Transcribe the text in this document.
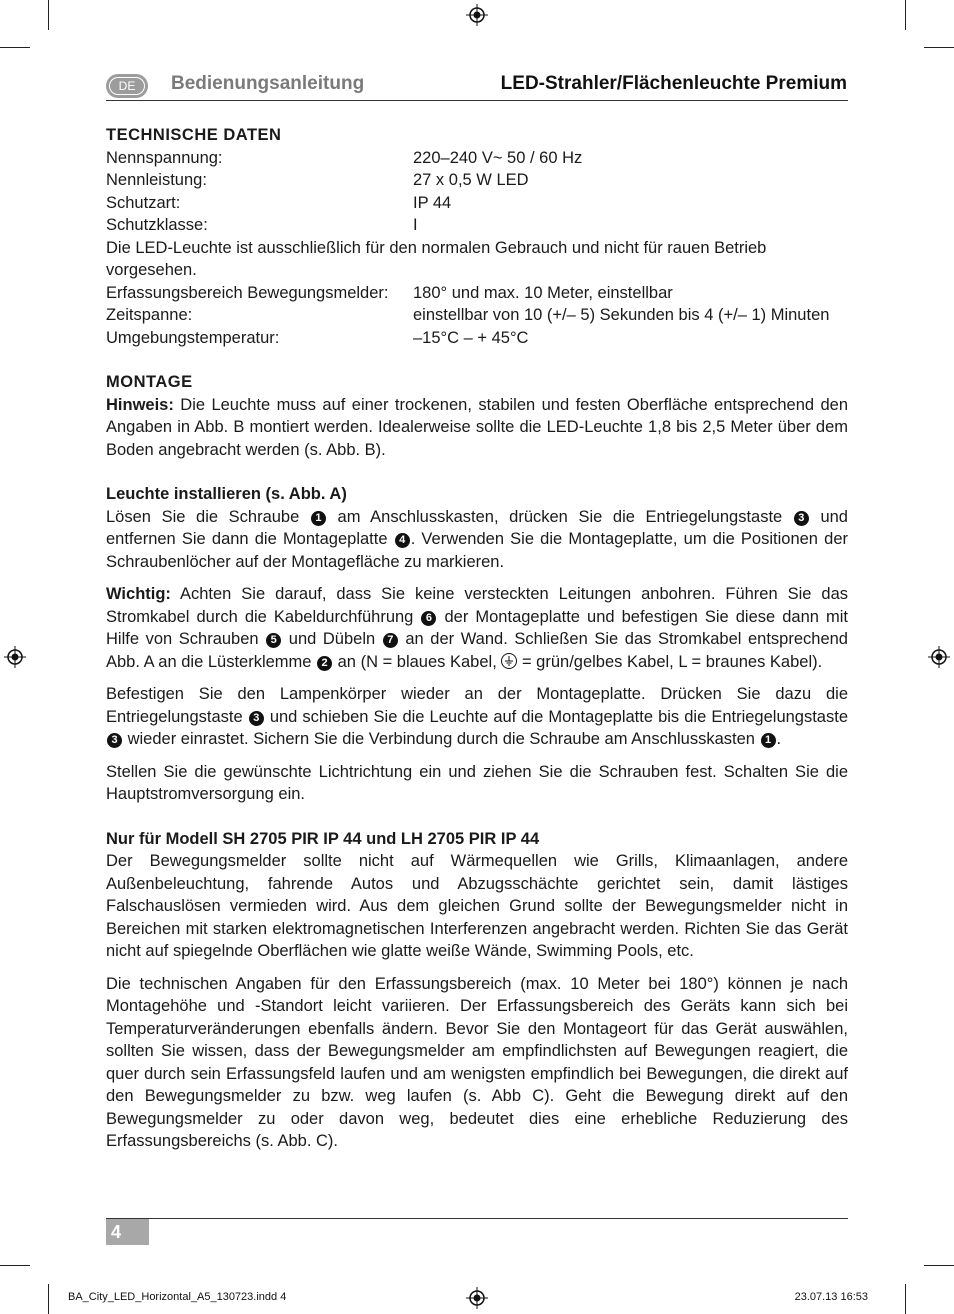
DE	Bedienungsanleitung	LED-Strahler/Flächenleuchte Premium
TECHNISCHE DATEN
Nennspannung:	220–240 V~ 50 / 60 Hz
Nennleistung:	27 x 0,5 W LED
Schutzart:	IP 44
Schutzklasse:	I

Die LED-Leuchte ist ausschließlich für den normalen Gebrauch und nicht für rauen Betrieb vorgesehen.

Erfassungsbereich Bewegungsmelder:	180° und max. 10 Meter, einstellbar
Zeitspanne:	einstellbar von 10 (+/– 5) Sekunden bis 4 (+/– 1) Minuten
Umgebungstemperatur:	–15°C – + 45°C
MONTAGE

Hinweis: Die Leuchte muss auf einer trockenen, stabilen und festen Oberfläche entsprechend den Angaben in Abb. B montiert werden. Idealerweise sollte die LED-Leuchte 1,8 bis 2,5 Meter über dem Boden angebracht werden (s. Abb. B).

Leuchte installieren (s. Abb. A)

Lösen Sie die Schraube 1 am Anschlusskasten, drücken Sie die Entriegelungstaste 3 und entfernen Sie dann die Montageplatte 4 . Verwenden Sie die Montageplatte, um die Positionen der Schraubenlöcher auf der Montagefläche zu markieren.

Wichtig: Achten Sie darauf, dass Sie keine versteckten Leitungen anbohren. Führen Sie das Stromkabel durch die Kabeldurchführung 6 der Montageplatte und befestigen Sie diese dann mit Hilfe von Schrauben 5 und Dübeln 7 an der Wand. Schließen Sie das Stromkabel entsprechend Abb. A an die Lüsterklemme 2 an (N = blaues Kabel,
= grün/gelbes Kabel, L = braunes Kabel).

Befestigen Sie den Lampenkörper wieder an der Montageplatte. Drücken Sie dazu die Entriegelungstaste 3 und schieben Sie die Leuchte auf die Montageplatte bis die Entriegelungstaste 3 wieder einrastet. Sichern Sie die Verbindung durch die Schraube am Anschlusskasten 1 .

Stellen Sie die gewünschte Lichtrichtung ein und ziehen Sie die Schrauben fest. Schalten Sie die Hauptstromversorgung ein.

Nur für Modell SH 2705 PIR IP 44 und LH 2705 PIR IP 44

Der Bewegungsmelder sollte nicht auf Wärmequellen wie Grills, Klimaanlagen, andere Außenbeleuchtung, fahrende Autos und Abzugsschächte gerichtet sein, damit lästiges Falschauslösen vermieden wird. Aus dem gleichen Grund sollte der Bewegungsmelder nicht in Bereichen mit starken elektromagnetischen Interferenzen angebracht werden. Richten Sie das Gerät nicht auf spiegelnde Oberflächen wie glatte weiße Wände, Swimming Pools, etc.

Die technischen Angaben für den Erfassungsbereich (max. 10 Meter bei 180°) können je nach Montagehöhe und -Standort leicht variieren. Der Erfassungsbereich des Geräts kann sich bei Temperaturveränderungen ebenfalls ändern. Bevor Sie den Montageort für das Gerät auswählen, sollten Sie wissen, dass der Bewegungsmelder am empfindlichsten auf Bewegungen reagiert, die quer durch sein Erfassungsfeld laufen und am wenigsten empfindlich bei Bewegungen, die direkt auf den Bewegungsmelder zu bzw. weg laufen (s. Abb C). Geht die Bewegung direkt auf den Bewegungsmelder zu oder davon weg, bedeutet dies eine erhebliche Reduzierung des Erfassungsbereichs (s. Abb. C).

4
BA_City_LED_Horizontal_A5_130723.indd 4	23.07.13 16:53
